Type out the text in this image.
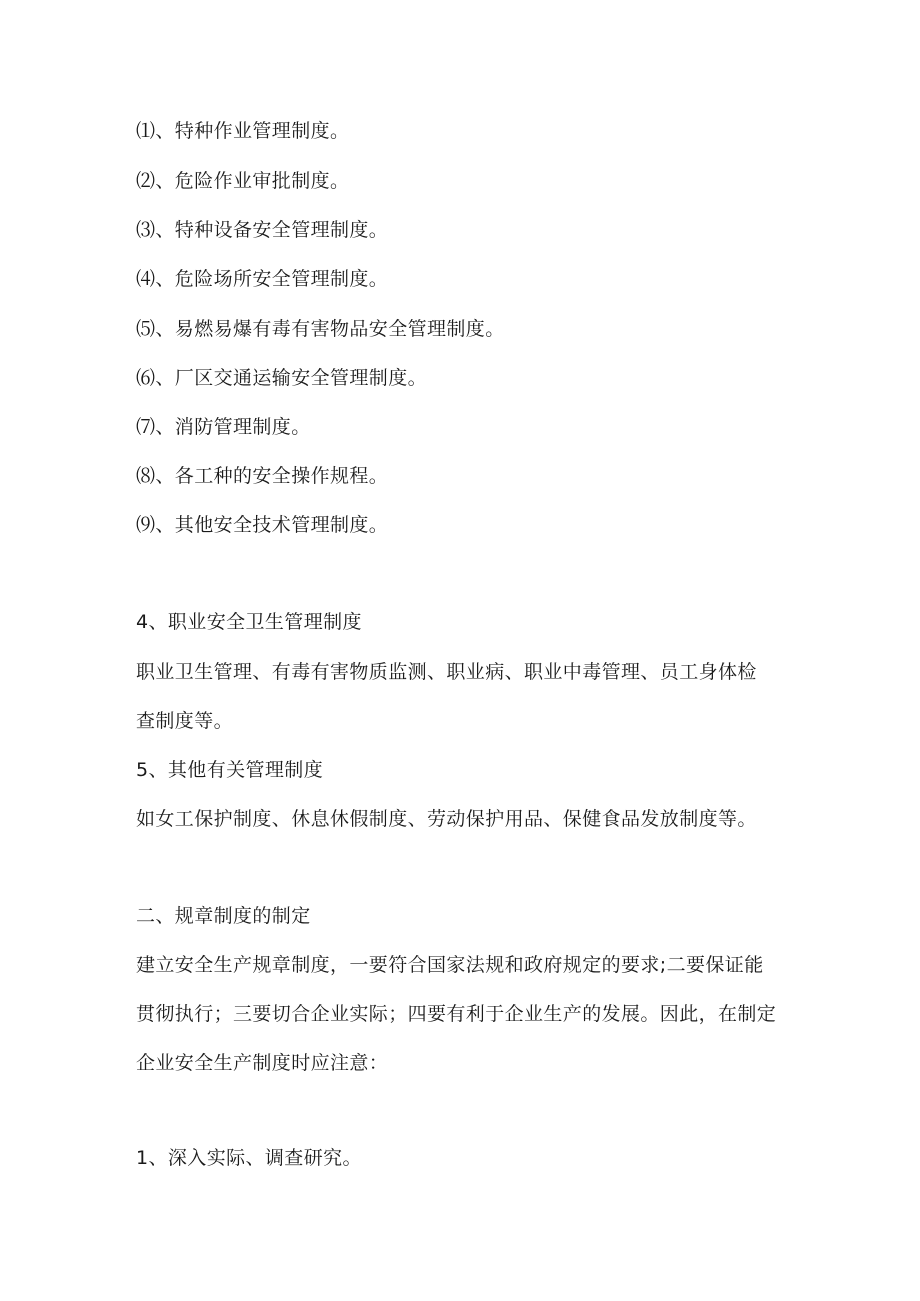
⑴、特种作业管理制度。

⑵、危险作业审批制度。

⑶、特种设备安全管理制度。

⑷、危险场所安全管理制度。

⑸、易燃易爆有毒有害物品安全管理制度。

⑹、厂区交通运输安全管理制度。

⑺、消防管理制度。

⑻、各工种的安全操作规程。

⑼、其他安全技术管理制度。

4、职业安全卫生管理制度

职业卫生管理、有毒有害物质监测、职业病、职业中毒管理、员工身体检

查制度等。

5、其他有关管理制度

如女工保护制度、休息休假制度、劳动保护用品、保健食品发放制度等。

二、规章制度的制定

建立安全生产规章制度，一要符合国家法规和政府规定的要求;二要保证能

贯彻执行；三要切合企业实际；四要有利于企业生产的发展。因此，在制定

企业安全生产制度时应注意：

1、深入实际、调查研究。
